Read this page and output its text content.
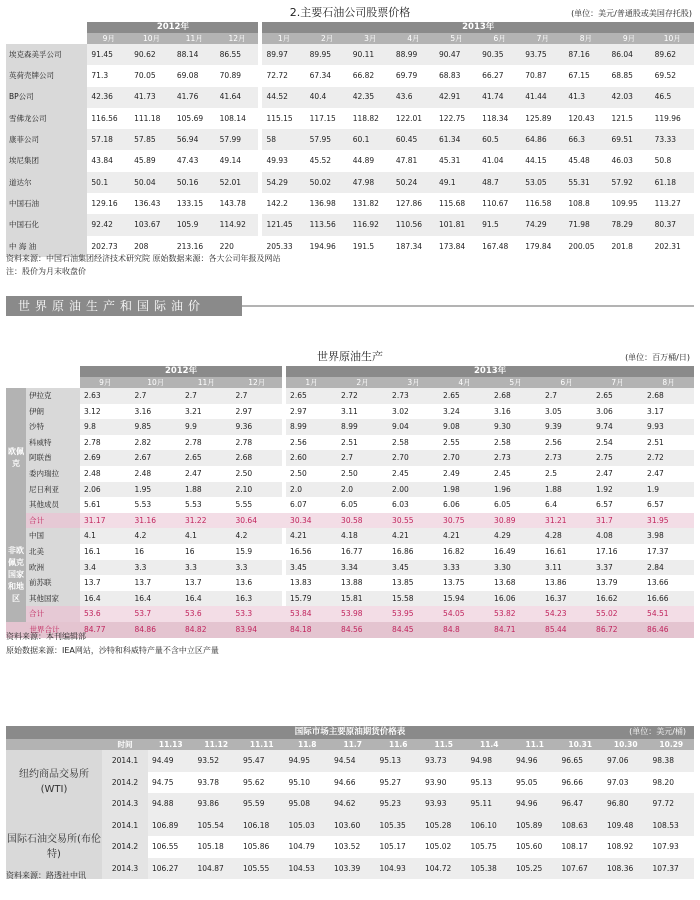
2.主要石油公司股票价格	(单位：美元/普通股或美国存托股)
	2012年					2013年									
	9月	10月	11月	12月		1月	2月	3月	4月	5月	6月	7月	8月	9月	10月
埃克森美孚公司	91.45	90.62	88.14	86.55		89.97	89.95	90.11	88.99	90.47	90.35	93.75	87.16	86.04	89.62
英荷壳牌公司	71.3	70.05	69.08	70.89		72.72	67.34	66.82	69.79	68.83	66.27	70.87	67.15	68.85	69.52
BP公司	42.36	41.73	41.76	41.64		44.52	40.4	42.35	43.6	42.91	41.74	41.44	41.3	42.03	46.5
雪佛龙公司	116.56	111.18	105.69	108.14		115.15	117.15	118.82	122.01	122.75	118.34	125.89	120.43	121.5	119.96
康菲公司	57.18	57.85	56.94	57.99		58	57.95	60.1	60.45	61.34	60.5	64.86	66.3	69.51	73.33
埃尼集团	43.84	45.89	47.43	49.14		49.93	45.52	44.89	47.81	45.31	41.04	44.15	45.48	46.03	50.8
道达尔	50.1	50.04	50.16	52.01		54.29	50.02	47.98	50.24	49.1	48.7	53.05	55.31	57.92	61.18
中国石油	129.16	136.43	133.15	143.78		142.2	136.98	131.82	127.86	115.68	110.67	116.58	108.8	109.95	113.27
中国石化	92.42	103.67	105.9	114.92		121.45	113.56	116.92	110.56	101.81	91.5	74.29	71.98	78.29	80.37
中 海 油	202.73	208	213.16	220		205.33	194.96	191.5	187.34	173.84	167.48	179.84	200.05	201.8	202.31
资料来源：中国石油集团经济技术研究院 原始数据来源：各大公司年报及网站
注：股价为月末收盘价
世界原油生产和国际油价
世界原油生产	(单位：百万桶/日)
		2012年					2013年							
		9月	10月	11月	12月		1月	2月	3月	4月	5月	6月	7月	8月
欧佩克	伊拉克	2.63	2.7	2.7	2.7		2.65	2.72	2.73	2.65	2.68	2.7	2.65	2.68
	伊朗	3.12	3.16	3.21	2.97		2.97	3.11	3.02	3.24	3.16	3.05	3.06	3.17
	沙特	9.8	9.85	9.9	9.36		8.99	8.99	9.04	9.08	9.30	9.39	9.74	9.93
	科威特	2.78	2.82	2.78	2.78		2.56	2.51	2.58	2.55	2.58	2.56	2.54	2.51
	阿联酋	2.69	2.67	2.65	2.68		2.60	2.7	2.70	2.70	2.73	2.73	2.75	2.72
	委内瑞拉	2.48	2.48	2.47	2.50		2.50	2.50	2.45	2.49	2.45	2.5	2.47	2.47
	尼日利亚	2.06	1.95	1.88	2.10		2.0	2.0	2.00	1.98	1.96	1.88	1.92	1.9
	其他成员	5.61	5.53	5.53	5.55		6.07	6.05	6.03	6.06	6.05	6.4	6.57	6.57
	合计	31.17	31.16	31.22	30.64		30.34	30.58	30.55	30.75	30.89	31.21	31.7	31.95
非欧佩克国家和地区	中国	4.1	4.2	4.1	4.2		4.21	4.18	4.21	4.21	4.29	4.28	4.08	3.98
	北美	16.1	16	16	15.9		16.56	16.77	16.86	16.82	16.49	16.61	17.16	17.37
	欧洲	3.4	3.3	3.3	3.3		3.45	3.34	3.45	3.33	3.30	3.11	3.37	2.84
	前苏联	13.7	13.7	13.7	13.6		13.83	13.88	13.85	13.75	13.68	13.86	13.79	13.66
	其他国家	16.4	16.4	16.4	16.3		15.79	15.81	15.58	15.94	16.06	16.37	16.62	16.66
	合计	53.6	53.7	53.6	53.3		53.84	53.98	53.95	54.05	53.82	54.23	55.02	54.51
世界合计		84.77	84.86	84.82	83.94		84.18	84.56	84.45	84.8	84.71	85.44	86.72	86.46
资料来源：本刊编辑部
原始数据来源：IEA网站，沙特和科威特产量不含中立区产量
国际市场主要原油期货价格表 (单位：美元/桶)													

	时间	11.13	11.12	11.11	11.8	11.7	11.6	11.5	11.4	11.1	10.31	10.30	10.29
纽约商品交易所(WTI)	2014.1	94.49	93.52	95.47	94.95	94.54	95.13	93.73	94.98	94.96	96.65	97.06	98.38
	2014.2	94.75	93.78	95.62	95.10	94.66	95.27	93.90	95.13	95.05	96.66	97.03	98.20
	2014.3	94.88	93.86	95.59	95.08	94.62	95.23	93.93	95.11	94.96	96.47	96.80	97.72
国际石油交易所(布伦特)	2014.1	106.89	105.54	106.18	105.03	103.60	105.35	105.28	106.10	105.89	108.63	109.48	108.53
	2014.2	106.55	105.18	105.86	104.79	103.52	105.17	105.02	105.75	105.60	108.17	108.92	107.93
	2014.3	106.27	104.87	105.55	104.53	103.39	104.93	104.72	105.38	105.25	107.67	108.36	107.37
资料来源：路透社中讯
